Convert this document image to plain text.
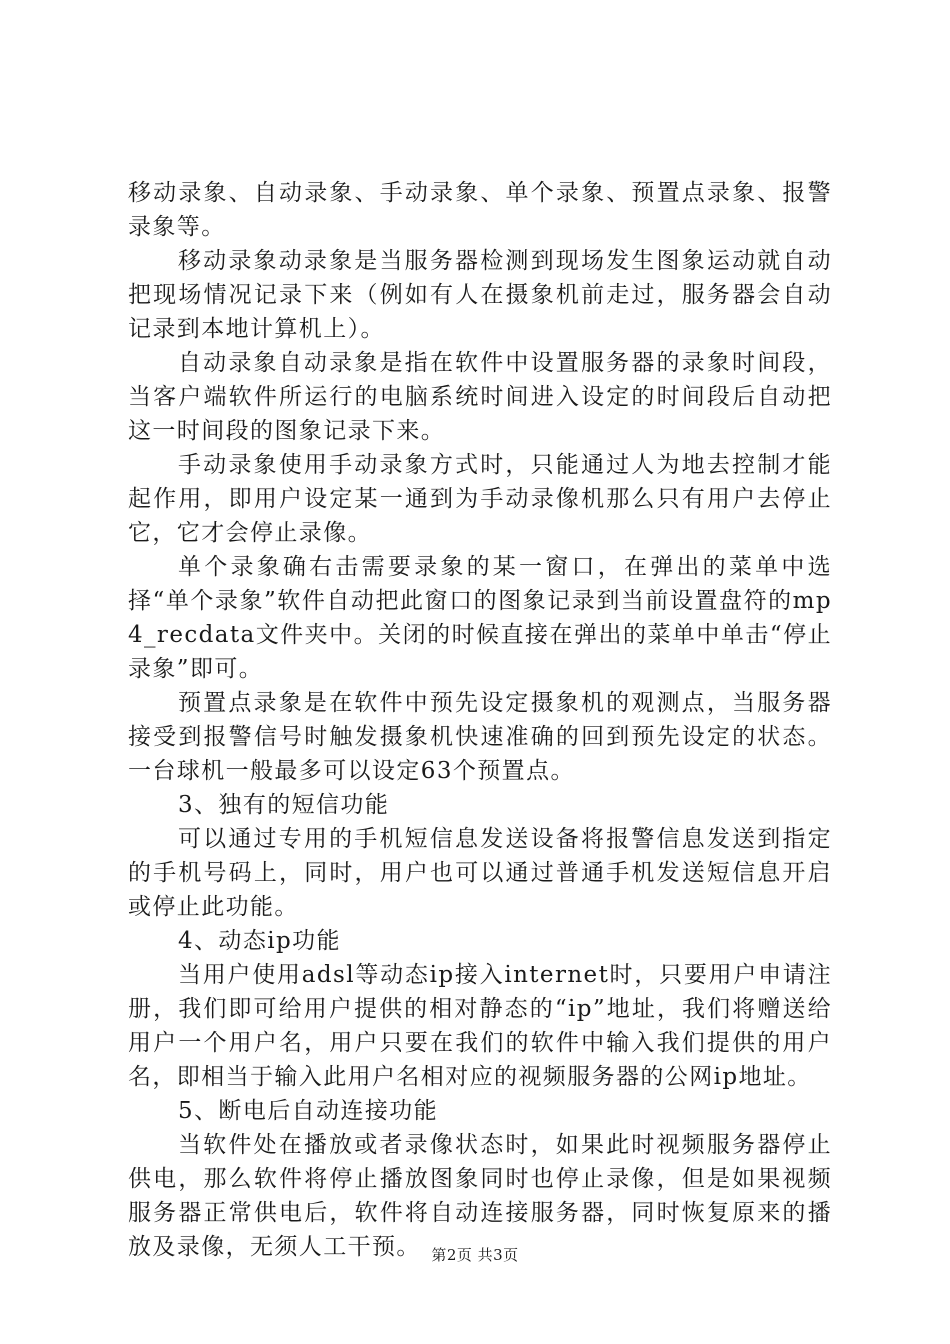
移动录象、自动录象、手动录象、单个录象、预置点录象、报警录象等。

移动录象动录象是当服务器检测到现场发生图象运动就自动把现场情况记录下来（例如有人在摄象机前走过，服务器会自动记录到本地计算机上）。

自动录象自动录象是指在软件中设置服务器的录象时间段，当客户端软件所运行的电脑系统时间进入设定的时间段后自动把这一时间段的图象记录下来。

手动录象使用手动录象方式时，只能通过人为地去控制才能起作用，即用户设定某一通到为手动录像机那么只有用户去停止它，它才会停止录像。

单个录象确右击需要录象的某一窗口，在弹出的菜单中选择“单个录象”软件自动把此窗口的图象记录到当前设置盘符的mp4_recdata文件夹中。关闭的时候直接在弹出的菜单中单击“停止录象”即可。

预置点录象是在软件中预先设定摄象机的观测点，当服务器接受到报警信号时触发摄象机快速准确的回到预先设定的状态。一台球机一般最多可以设定63个预置点。

3、独有的短信功能

可以通过专用的手机短信息发送设备将报警信息发送到指定的手机号码上，同时，用户也可以通过普通手机发送短信息开启或停止此功能。

4、动态ip功能

当用户使用adsl等动态ip接入internet时，只要用户申请注册，我们即可给用户提供的相对静态的“ip”地址，我们将赠送给用户一个用户名，用户只要在我们的软件中输入我们提供的用户名，即相当于输入此用户名相对应的视频服务器的公网ip地址。

5、断电后自动连接功能

当软件处在播放或者录像状态时，如果此时视频服务器停止供电，那么软件将停止播放图象同时也停止录像，但是如果视频服务器正常供电后，软件将自动连接服务器，同时恢复原来的播放及录像，无须人工干预。 第2页 共3页
